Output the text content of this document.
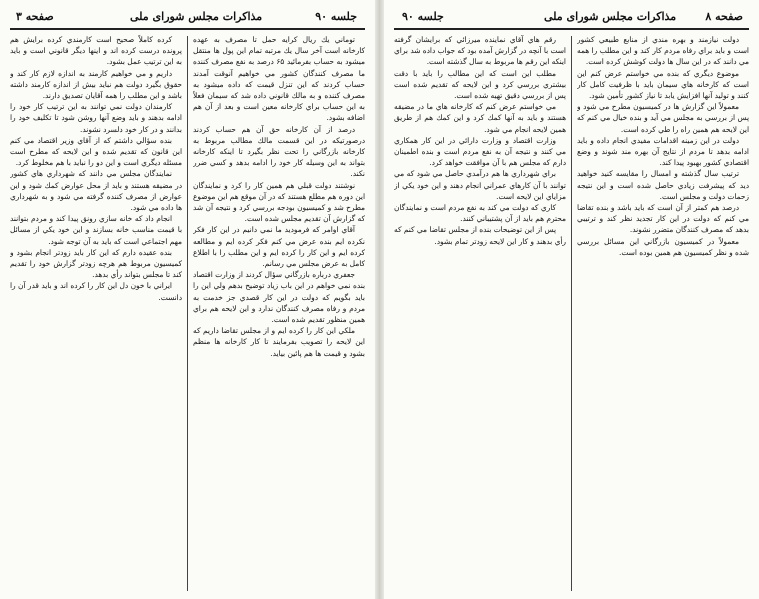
صفحه ۳	مذاکرات مجلس شورای ملی	جلسه ۹۰

توماني يك ريال كرايه حمل تا مصرف به عهده كارخانه است آخر سال يك مرتبه تمام اين پول ها منتقل ميشود به حساب بفرمائيد ۶۵ درصد به نفع مصرف كننده ما مصرف كنندگان كشور مي خواهيم آنوقت آمدند حساب كردند كه اين تنزل قيمت كه داده ميشود به مصرف كننده و به مالك قانوني داده شد كه سيمان فعلاً به اين حساب براي كارخانه معين است و بعد از آن هم اضافه بشود.

درصد از آن كارخانه حق آن هم حساب كردند درصورتيكه در اين قسمت مالك مطالب مربوط به كارخانه بازرگاني را تحت نظر بگيرد تا اينكه كارخانه بتواند به اين وسيله كار خود را ادامه بدهد و كسي ضرر نكند.

نوشتند دولت قبلي هم همين كار را كرد و نمايندگان اين دوره هم مطلع هستند كه در آن موقع هم اين موضوع مطرح شد و كميسيون بودجه بررسي كرد و نتيجه آن شد كه گزارش آن تقديم مجلس شده است.

آقاي اوامر كه فرموديد ما نمي دانيم در اين كار فكر نكرده ايم بنده عرض مي كنم فكر كرده ايم و مطالعه كرده ايم و اين كار را كرده ايم و اين مطلب را با اطلاع كامل به عرض مجلس مي رسانم.

جعفري درباره بازرگاني سؤال كردند از وزارت اقتصاد بنده نمي خواهم در اين باب زياد توضيح بدهم ولي اين را بايد بگويم كه دولت در اين كار قصدي جز خدمت به مردم و رفاه مصرف كنندگان ندارد و اين لايحه هم براي همين منظور تقديم شده است.

ملكي اين كار را كرده ايم و از مجلس تقاضا داريم كه اين لايحه را تصويب بفرمايند تا كار كارخانه ها منظم بشود و قيمت ها هم پائين بيايد.

كرده كاملاً صحيح است كارمندي كرده برايش هم پرونده درست كرده اند و اينها ديگر قانوني است و بايد به اين ترتيب عمل بشود.

داريم و مي خواهيم كارمند به اندازه لازم كار كند و حقوق بگيرد دولت هم نبايد بيش از اندازه كارمند داشته باشد و اين مطلب را همه آقايان تصديق دارند.

كارمندان دولت نمي توانند به اين ترتيب كار خود را ادامه بدهند و بايد وضع آنها روشن شود تا تكليف خود را بدانند و در كار خود دلسرد نشوند.

بنده سؤالي داشتم كه از آقاي وزير اقتصاد مي كنم اين قانون كه تقديم شده و اين لايحه كه مطرح است مسئله ديگري است و اين دو را نبايد با هم مخلوط كرد.

نمايندگان مجلس مي دانند كه شهرداري هاي كشور در مضيقه هستند و بايد از محل عوارض كمك شود و اين عوارض از مصرف كننده گرفته مي شود و به شهرداري ها داده مي شود.

انجام داد كه خانه سازي رونق پيدا كند و مردم بتوانند با قيمت مناسب خانه بسازند و اين خود يكي از مسائل مهم اجتماعي است كه بايد به آن توجه شود.

بنده عقيده دارم كه اين كار بايد زودتر انجام بشود و كميسيون مربوط هم هرچه زودتر گزارش خود را تقديم كند تا مجلس بتواند رأي بدهد.

ايراني با خون دل اين كار را كرده اند و بايد قدر آن را دانست.

جلسه ۹۰	مذاکرات مجلس شورای ملی	صفحه ۸

دولت نيازمند و بهره مندي از منابع طبيعي كشور است و بايد براي رفاه مردم كار كند و اين مطلب را همه مي دانند كه در اين سال ها دولت كوشش كرده است.

موضوع ديگري كه بنده مي خواستم عرض كنم اين است كه كارخانه هاي سيمان بايد با ظرفيت كامل كار كنند و توليد آنها افزايش يابد تا نياز كشور تأمين شود.

معمولاً اين گزارش ها در كميسيون مطرح مي شود و پس از بررسي به مجلس مي آيد و بنده خيال مي كنم كه اين لايحه هم همين راه را طي كرده است.

دولت در اين زمينه اقدامات مفيدي انجام داده و بايد ادامه بدهد تا مردم از نتايج آن بهره مند شوند و وضع اقتصادي كشور بهبود پيدا كند.

ترتيب سال گذشته و امسال را مقايسه كنيد خواهيد ديد كه پيشرفت زيادي حاصل شده است و اين نتيجه زحمات دولت و مجلس است.

درصد هم كمتر از آن است كه بايد باشد و بنده تقاضا مي كنم كه دولت در اين كار تجديد نظر كند و ترتيبي بدهد كه مصرف كنندگان متضرر نشوند.

معمولاً در كميسيون بازرگاني اين مسائل بررسي شده و نظر كميسيون هم همين بوده است.

رقم هاي آقاي نماينده ميرزائي كه برايشان گرفته است با آنچه در گزارش آمده بود كه جواب داده شد براي اينكه اين رقم ها مربوط به سال گذشته است.

مطلب اين است كه اين مطالب را بايد با دقت بيشتري بررسي كرد و اين لايحه كه تقديم شده است پس از بررسي دقيق تهيه شده است.

مي خواستم عرض كنم كه كارخانه هاي ما در مضيقه هستند و بايد به آنها كمك كرد و اين كمك هم از طريق همين لايحه انجام مي شود.

وزارت اقتصاد و وزارت دارائي در اين كار همكاري مي كنند و نتيجه آن به نفع مردم است و بنده اطمينان دارم كه مجلس هم با آن موافقت خواهد كرد.

براي شهرداري ها هم درآمدي حاصل مي شود كه مي توانند با آن كارهاي عمراني انجام دهند و اين خود يكي از مزاياي اين لايحه است.

كاري كه دولت مي كند به نفع مردم است و نمايندگان محترم هم بايد از آن پشتيباني كنند.

پس از اين توضيحات بنده از مجلس تقاضا مي كنم كه رأي بدهند و كار اين لايحه زودتر تمام بشود.
